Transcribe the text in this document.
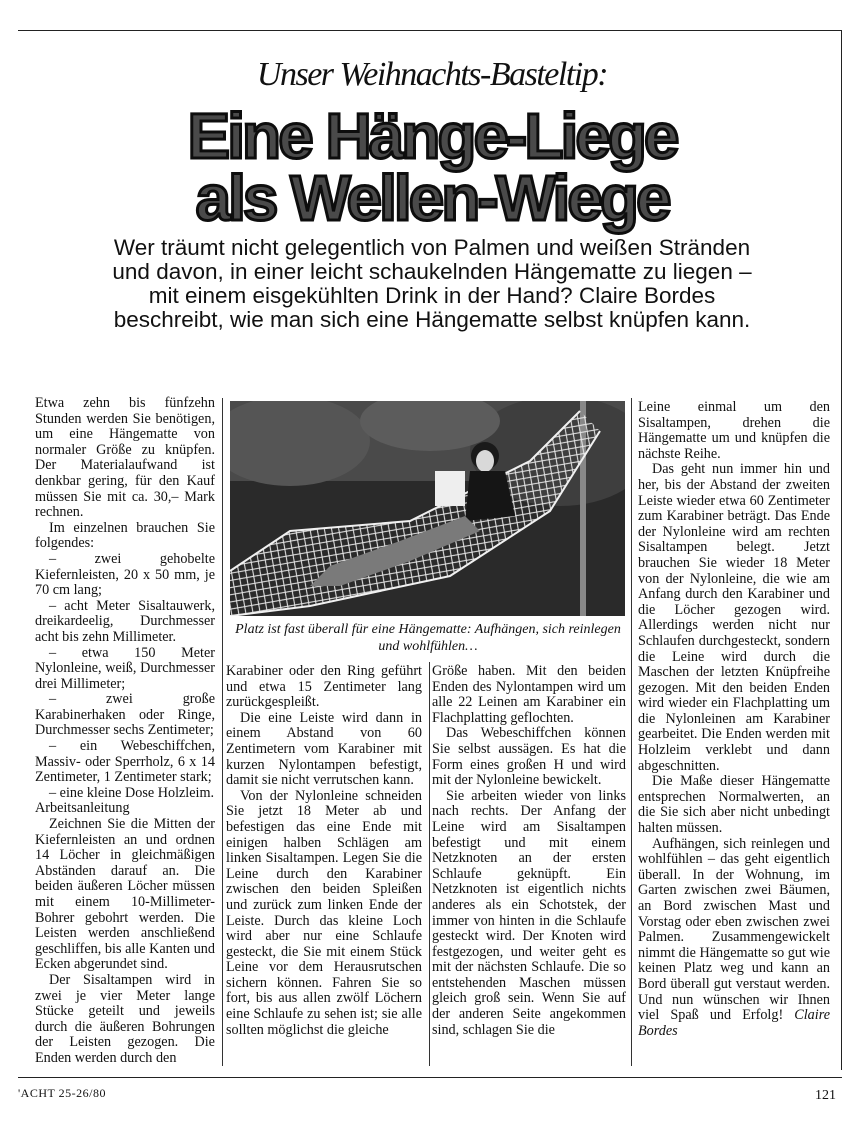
Unser Weihnachts-Basteltip:
Eine Hänge-Liege
als Wellen-Wiege
Wer träumt nicht gelegentlich von Palmen und weißen Stränden und davon, in einer leicht schaukelnden Hängematte zu liegen – mit einem eisgekühlten Drink in der Hand? Claire Bordes beschreibt, wie man sich eine Hängematte selbst knüpfen kann.

Etwa zehn bis fünfzehn Stunden werden Sie benötigen, um eine Hängematte von normaler Größe zu knüpfen. Der Materialaufwand ist denkbar gering, für den Kauf müssen Sie mit ca. 30,– Mark rechnen.

Im einzelnen brauchen Sie folgendes:

– zwei gehobelte Kiefernleisten, 20 x 50 mm, je 70 cm lang;

– acht Meter Sisaltauwerk, dreikardeelig, Durchmesser acht bis zehn Millimeter.

– etwa 150 Meter Nylonleine, weiß, Durchmesser drei Millimeter;

– zwei große Karabinerhaken oder Ringe, Durchmesser sechs Zentimeter;

– ein Webeschiffchen, Massiv- oder Sperrholz, 6 x 14 Zentimeter, 1 Zentimeter stark;

– eine kleine Dose Holzleim.

Arbeitsanleitung

Zeichnen Sie die Mitten der Kiefernleisten an und ordnen 14 Löcher in gleichmäßigen Abständen darauf an. Die beiden äußeren Löcher müssen mit einem 10-Millimeter-Bohrer gebohrt werden. Die Leisten werden anschließend geschliffen, bis alle Kanten und Ecken abgerundet sind.

Der Sisaltampen wird in zwei je vier Meter lange Stücke geteilt und jeweils durch die äußeren Bohrungen der Leisten gezogen. Die Enden werden durch den

Platz ist fast überall für eine Hängematte: Aufhängen, sich reinlegen und wohlfühlen…

Karabiner oder den Ring geführt und etwa 15 Zentimeter lang zurückgespleißt.

Die eine Leiste wird dann in einem Abstand von 60 Zentimetern vom Karabiner mit kurzen Nylontampen befestigt, damit sie nicht verrutschen kann.

Von der Nylonleine schneiden Sie jetzt 18 Meter ab und befestigen das eine Ende mit einigen halben Schlägen am linken Sisaltampen. Legen Sie die Leine durch den Karabiner zwischen den beiden Spleißen und zurück zum linken Ende der Leiste. Durch das kleine Loch wird aber nur eine Schlaufe gesteckt, die Sie mit einem Stück Leine vor dem Herausrutschen sichern können. Fahren Sie so fort, bis aus allen zwölf Löchern eine Schlaufe zu sehen ist; sie alle sollten möglichst die gleiche

Größe haben. Mit den beiden Enden des Nylontampen wird um alle 22 Leinen am Karabiner ein Flachplatting geflochten.

Das Webeschiffchen können Sie selbst aussägen. Es hat die Form eines großen H und wird mit der Nylonleine bewickelt.

Sie arbeiten wieder von links nach rechts. Der Anfang der Leine wird am Sisaltampen befestigt und mit einem Netzknoten an der ersten Schlaufe geknüpft. Ein Netzknoten ist eigentlich nichts anderes als ein Schotstek, der immer von hinten in die Schlaufe gesteckt wird. Der Knoten wird festgezogen, und weiter geht es mit der nächsten Schlaufe. Die so entstehenden Maschen müssen gleich groß sein. Wenn Sie auf der anderen Seite angekommen sind, schlagen Sie die

Leine einmal um den Sisaltampen, drehen die Hängematte um und knüpfen die nächste Reihe.

Das geht nun immer hin und her, bis der Abstand der zweiten Leiste wieder etwa 60 Zentimeter zum Karabiner beträgt. Das Ende der Nylonleine wird am rechten Sisaltampen belegt. Jetzt brauchen Sie wieder 18 Meter von der Nylonleine, die wie am Anfang durch den Karabiner und die Löcher gezogen wird. Allerdings werden nicht nur Schlaufen durchgesteckt, sondern die Leine wird durch die Maschen der letzten Knüpfreihe gezogen. Mit den beiden Enden wird wieder ein Flachplatting um die Nylonleinen am Karabiner gearbeitet. Die Enden werden mit Holzleim verklebt und dann abgeschnitten.

Die Maße dieser Hängematte entsprechen Normalwerten, an die Sie sich aber nicht unbedingt halten müssen.

Aufhängen, sich reinlegen und wohlfühlen – das geht eigentlich überall. In der Wohnung, im Garten zwischen zwei Bäumen, an Bord zwischen Mast und Vorstag oder eben zwischen zwei Palmen. Zusammengewickelt nimmt die Hängematte so gut wie keinen Platz weg und kann an Bord überall gut verstaut werden. Und nun wünschen wir Ihnen viel Spaß und Erfolg! Claire Bordes

'ACHT 25-26/80	121
